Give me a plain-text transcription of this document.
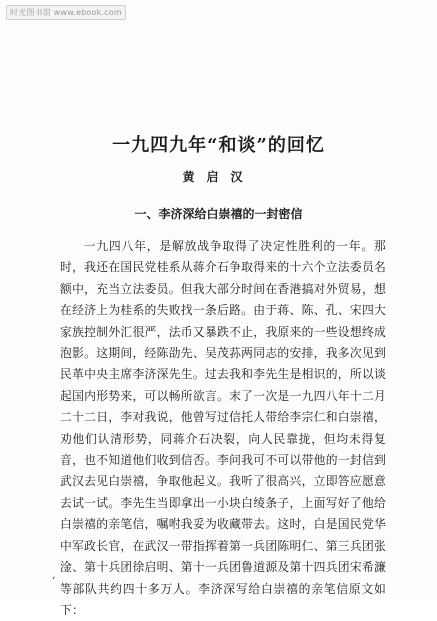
时光图书馆 www.ebook.com
一九四九年“和谈”的回忆
黄启汉
一、李济深给白崇禧的一封密信

一九四八年，是解放战争取得了决定性胜利的一年。那时，我还在国民党桂系从蒋介石争取得来的十六个立法委员名额中，充当立法委员。但我大部分时间在香港搞对外贸易，想在经济上为桂系的失败找一条后路。由于蒋、陈、孔、宋四大家族控制外汇很严，法币又暴跌不止，我原来的一些设想终成泡影。这期间，经陈劭先、吴茂荪两同志的安排，我多次见到民革中央主席李济深先生。过去我和李先生是相识的，所以谈起国内形势来，可以畅所欲言。末了一次是一九四八年十二月二十二日，李对我说，他曾写过信托人带给李宗仁和白崇禧，劝他们认清形势，同蒋介石决裂，向人民靠拢，但均未得复音，也不知道他们收到信否。李问我可不可以带他的一封信到武汉去见白崇禧，争取他起义。我听了很高兴，立即答应愿意去试一试。李先生当即拿出一小块白绫条子，上面写好了他给白崇禧的亲笔信，嘱咐我妥为收藏带去。这时，白是国民党华中军政长官，在武汉一带指挥着第一兵团陈明仁、第三兵团张淦、第十兵团徐启明、第十一兵团鲁道源及第十四兵团宋希濂等部队共约四十多万人。李济深写给白崇禧的亲笔信原文如下：

‘
